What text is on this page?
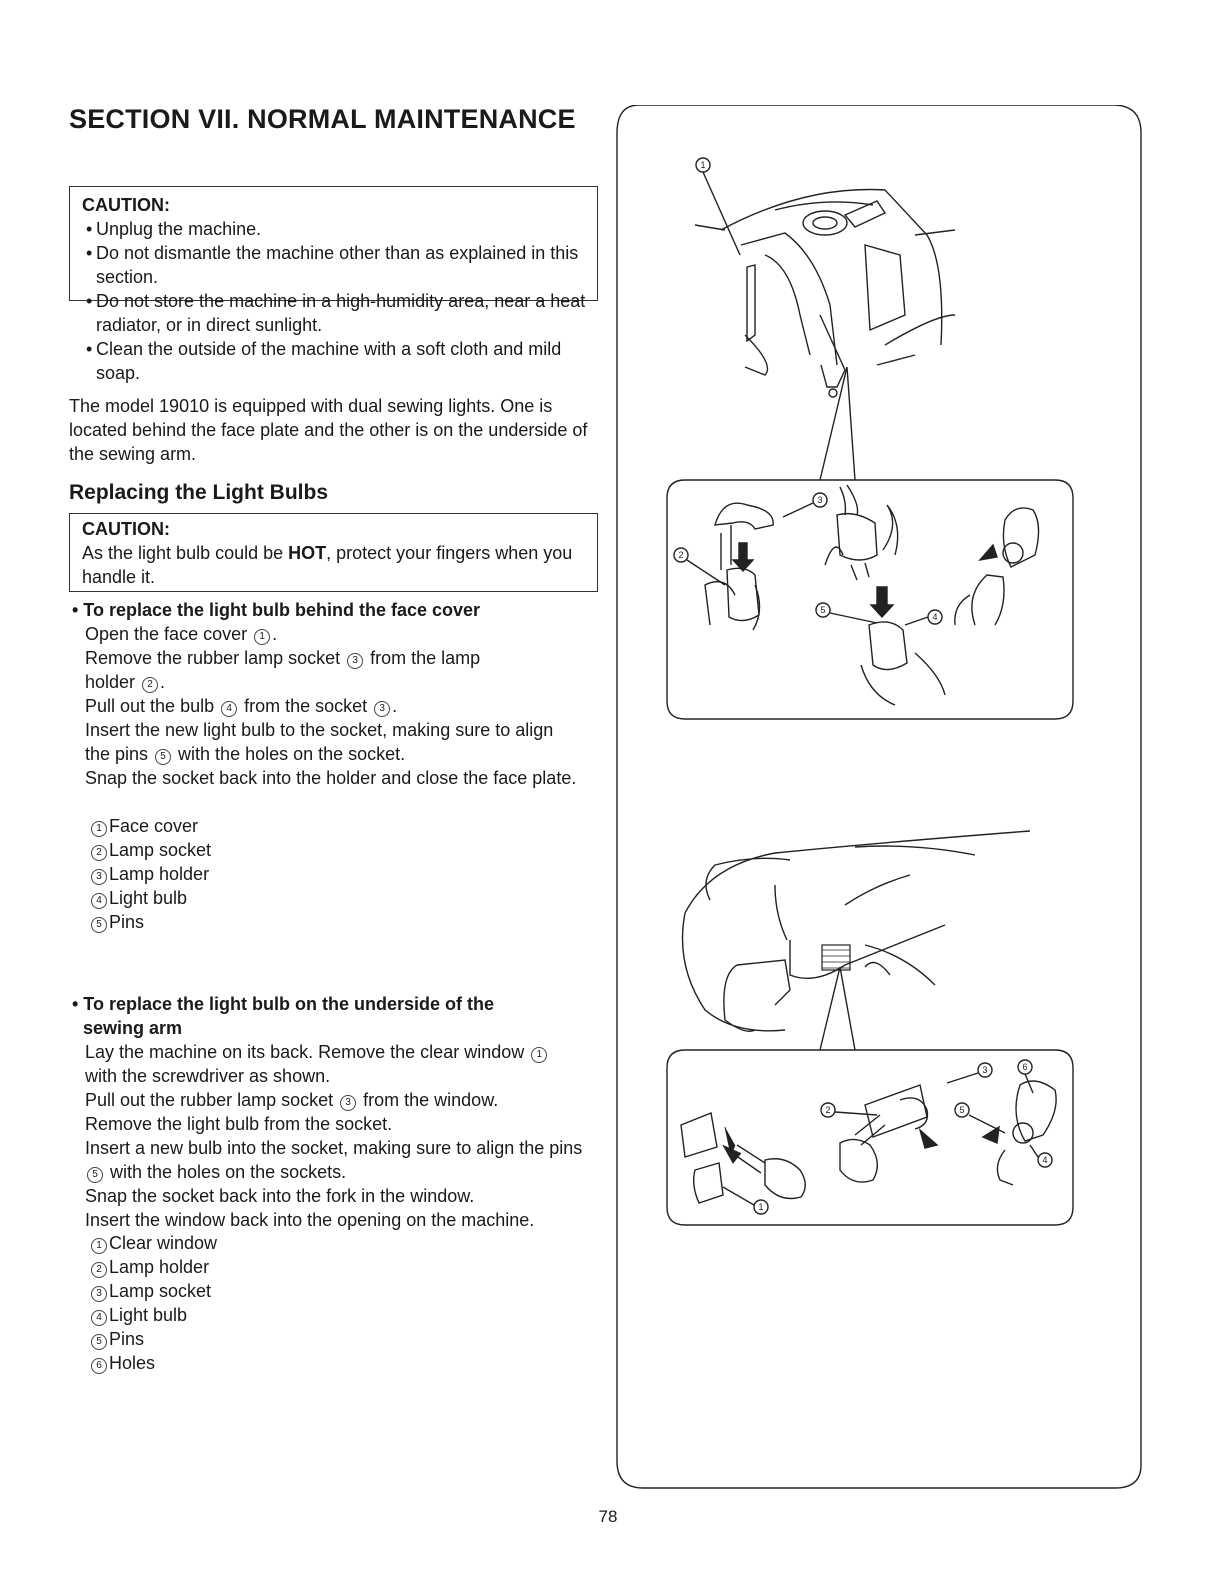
SECTION VII. NORMAL MAINTENANCE
CAUTION:
• Unplug the machine.
• Do not dismantle the machine other than as explained in this section.
• Do not store the machine in a high-humidity area, near a heat radiator, or in direct sunlight.
• Clean the outside of the machine with a soft cloth and mild soap.
The model 19010 is equipped with dual sewing lights. One is located behind the face plate and the other is on the underside of the sewing arm.
Replacing the Light Bulbs
CAUTION:
As the light bulb could be HOT, protect your fingers when you handle it.
• To replace the light bulb behind the face cover

Open the face cover 1 .

Remove the rubber lamp socket 3 from the lamp holder 2 .

Pull out the bulb 4 from the socket 3 .

Insert the new light bulb to the socket, making sure to align the pins 5 with the holes on the socket.

Snap the socket back into the holder and close the face plate.

1 Face cover
2 Lamp socket
3 Lamp holder
4 Light bulb
5 Pins
• To replace the light bulb on the underside of the
sewing arm

Lay the machine on its back. Remove the clear window 1 with the screwdriver as shown.

Pull out the rubber lamp socket 3 from the window.

Remove the light bulb from the socket.

Insert a new bulb into the socket, making sure to align the pins 5 with the holes on the sockets.

Snap the socket back into the fork in the window.

Insert the window back into the opening on the machine.

1 Clear window
2 Lamp holder
3 Lamp socket
4 Light bulb
5 Pins
6 Holes
1
2
3
5
4
3	6
2	5
4
1
78
